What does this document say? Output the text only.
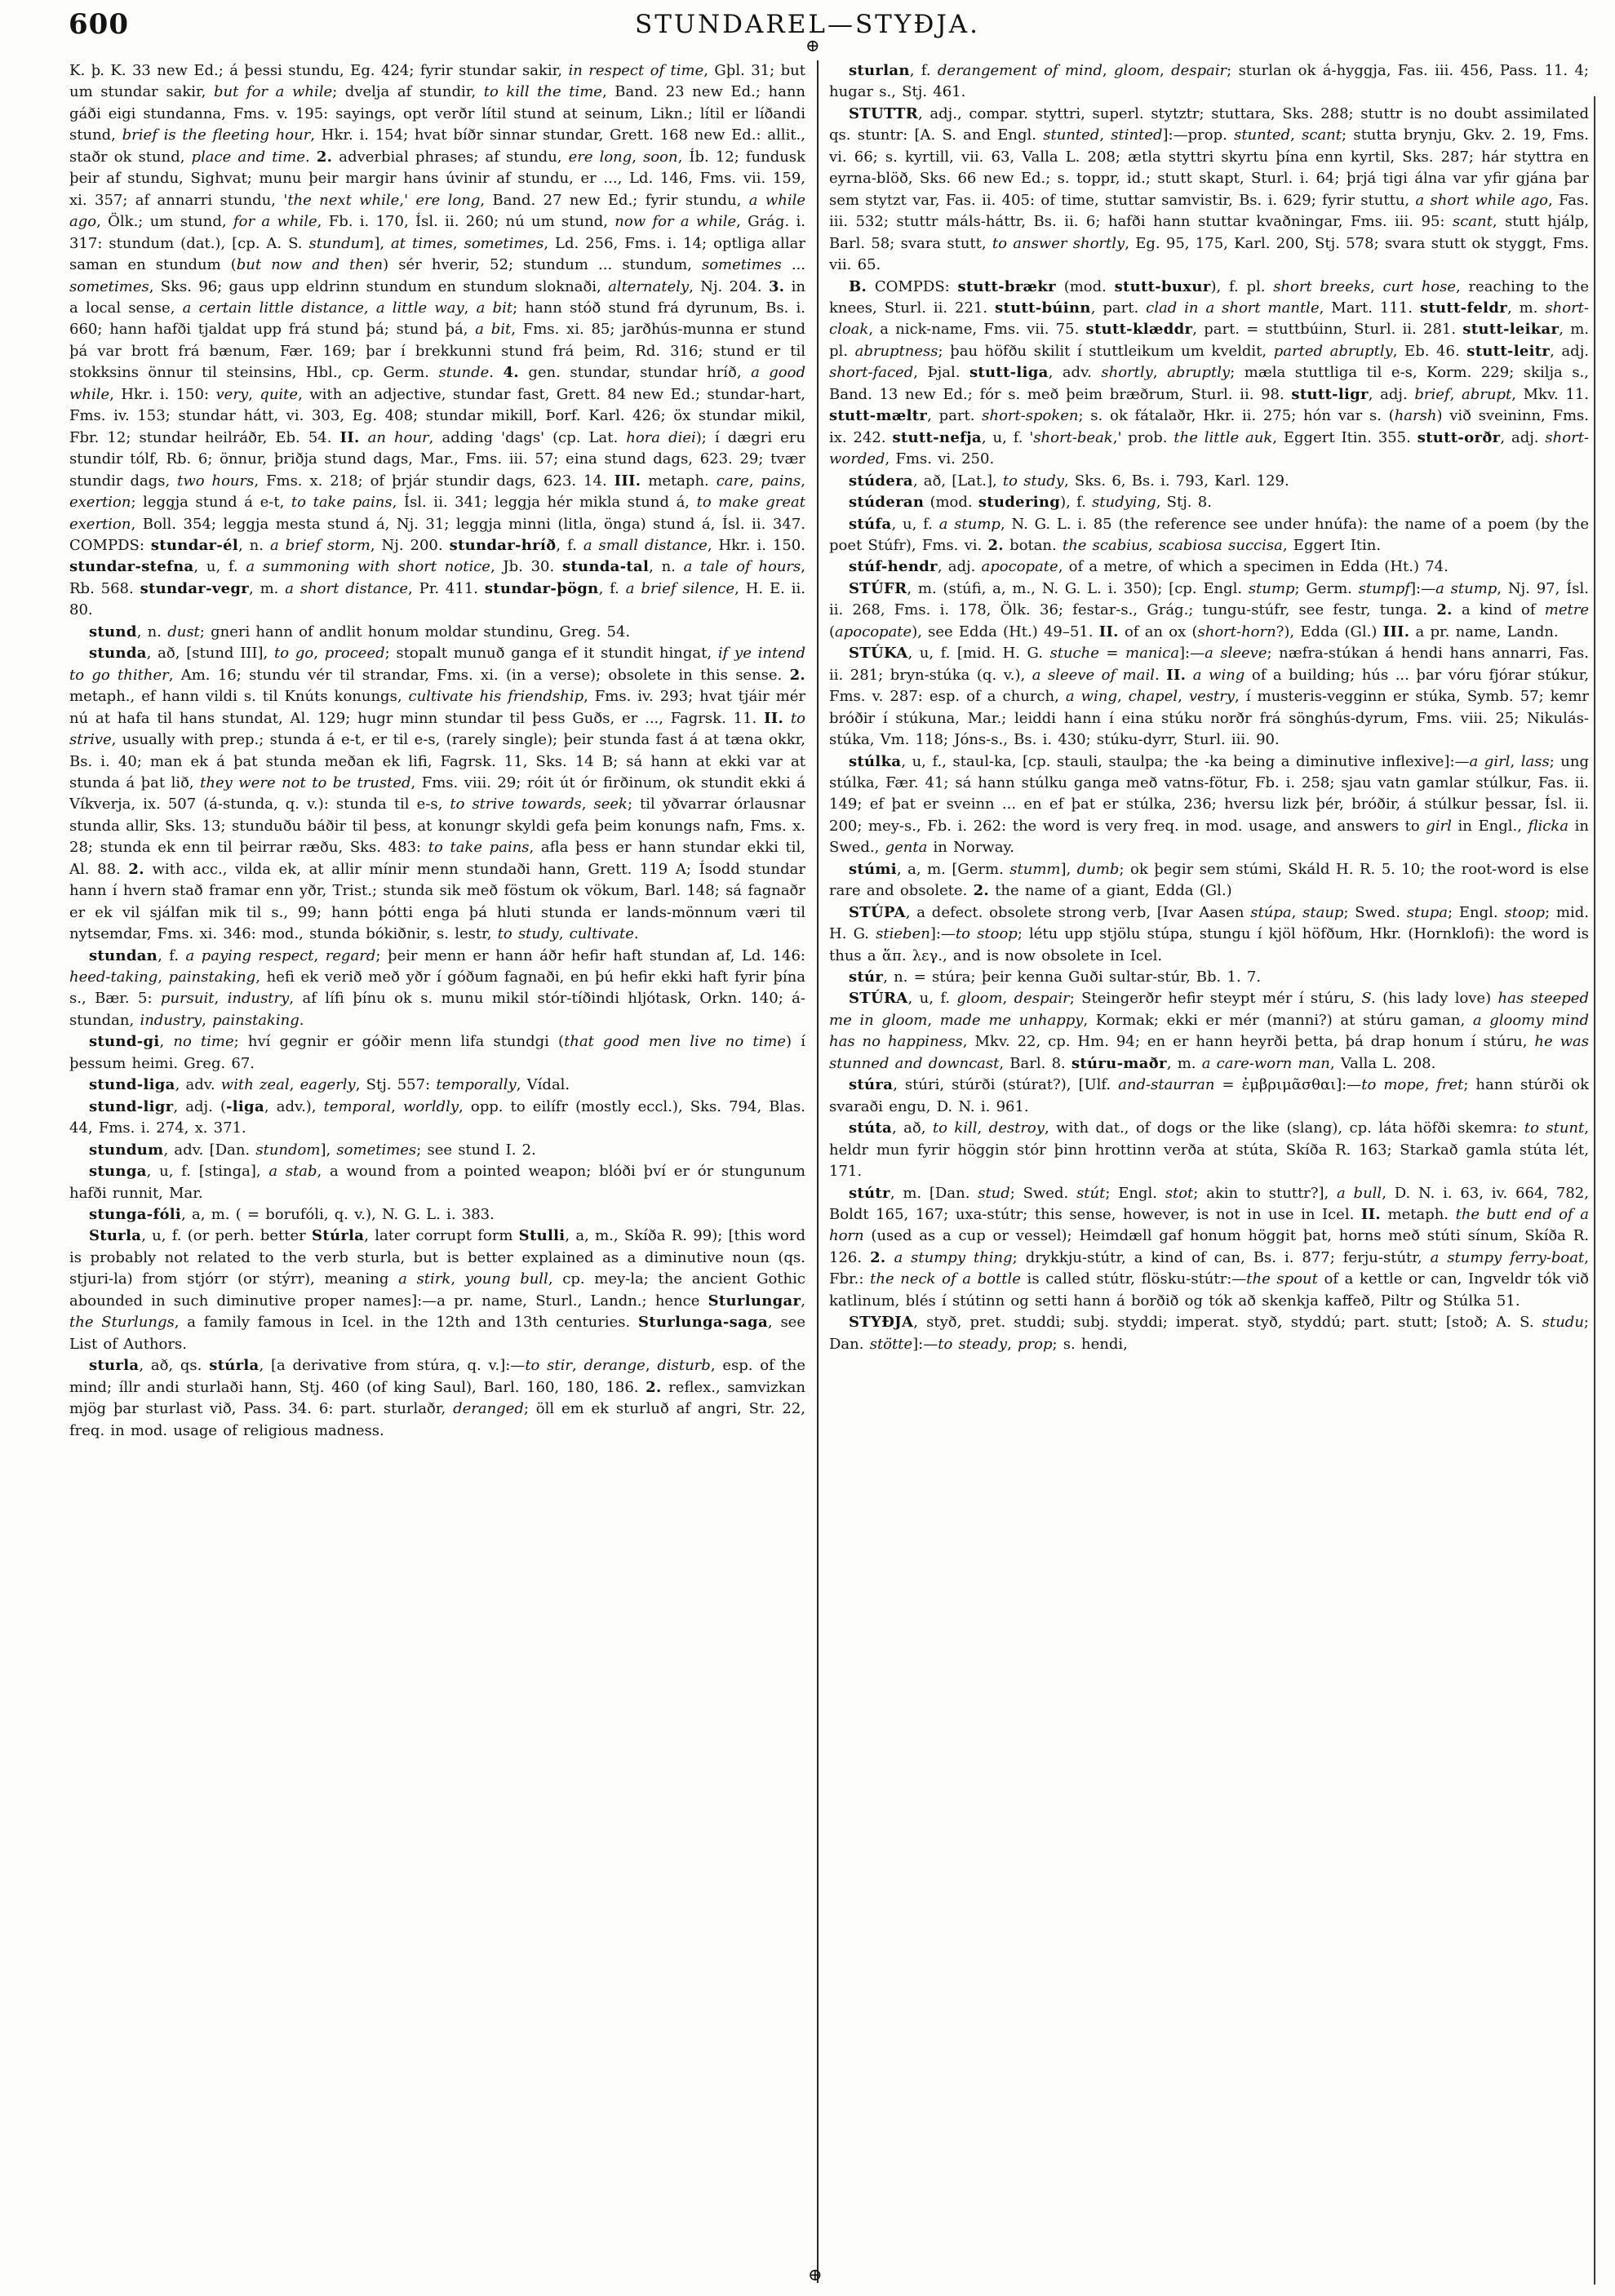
600	STUNDAREL—STYÐJA.
⊕

K. þ. K. 33 new Ed.; á þessi stundu, Eg. 424; fyrir stundar sakir, in respect of time, Gþl. 31; but um stundar sakir, but for a while; dvelja af stundir, to kill the time, Band. 23 new Ed.; hann gáði eigi stundanna, Fms. v. 195: sayings, opt verðr lítil stund at seinum, Likn.; lítil er líðandi stund, brief is the fleeting hour, Hkr. i. 154; hvat bíðr sinnar stundar, Grett. 168 new Ed.: allit., staðr ok stund, place and time. 2. adverbial phrases; af stundu, ere long, soon, Íb. 12; fundusk þeir af stundu, Sighvat; munu þeir margir hans úvinir af stundu, er ..., Ld. 146, Fms. vii. 159, xi. 357; af annarri stundu, 'the next while,' ere long, Band. 27 new Ed.; fyrir stundu, a while ago, Ölk.; um stund, for a while, Fb. i. 170, Ísl. ii. 260; nú um stund, now for a while, Grág. i. 317: stundum (dat.), [cp. A. S. stundum], at times, sometimes, Ld. 256, Fms. i. 14; optliga allar saman en stundum (but now and then) sér hverir, 52; stundum ... stundum, sometimes ... sometimes, Sks. 96; gaus upp eldrinn stundum en stundum sloknaði, alternately, Nj. 204. 3. in a local sense, a certain little distance, a little way, a bit; hann stóð stund frá dyrunum, Bs. i. 660; hann hafði tjaldat upp frá stund þá; stund þá, a bit, Fms. xi. 85; jarðhús-munna er stund þá var brott frá bænum, Fær. 169; þar í brekkunni stund frá þeim, Rd. 316; stund er til stokksins önnur til steinsins, Hbl., cp. Germ. stunde. 4. gen. stundar, stundar hríð, a good while, Hkr. i. 150: very, quite, with an adjective, stundar fast, Grett. 84 new Ed.; stundar-hart, Fms. iv. 153; stundar hátt, vi. 303, Eg. 408; stundar mikill, Þorf. Karl. 426; öx stundar mikil, Fbr. 12; stundar heilráðr, Eb. 54. II. an hour, adding 'dags' (cp. Lat. hora diei); í dægri eru stundir tólf, Rb. 6; önnur, þriðja stund dags, Mar., Fms. iii. 57; eina stund dags, 623. 29; tvær stundir dags, two hours, Fms. x. 218; of þrjár stundir dags, 623. 14. III. metaph. care, pains, exertion; leggja stund á e-t, to take pains, Ísl. ii. 341; leggja hér mikla stund á, to make great exertion, Boll. 354; leggja mesta stund á, Nj. 31; leggja minni (litla, önga) stund á, Ísl. ii. 347. COMPDS: stundar-él, n. a brief storm, Nj. 200. stundar-hríð, f. a small distance, Hkr. i. 150. stundar-stefna, u, f. a summoning with short notice, Jb. 30. stunda-tal, n. a tale of hours, Rb. 568. stundar-vegr, m. a short distance, Pr. 411. stundar-þögn, f. a brief silence, H. E. ii. 80.

stund, n. dust; gneri hann of andlit honum moldar stundinu, Greg. 54.

stunda, að, [stund III], to go, proceed; stopalt munuð ganga ef it stundit hingat, if ye intend to go thither, Am. 16; stundu vér til strandar, Fms. xi. (in a verse); obsolete in this sense. 2. metaph., ef hann vildi s. til Knúts konungs, cultivate his friendship, Fms. iv. 293; hvat tjáir mér nú at hafa til hans stundat, Al. 129; hugr minn stundar til þess Guðs, er ..., Fagrsk. 11. II. to strive, usually with prep.; stunda á e-t, er til e-s, (rarely single); þeir stunda fast á at tæna okkr, Bs. i. 40; man ek á þat stunda meðan ek lifi, Fagrsk. 11, Sks. 14 B; sá hann at ekki var at stunda á þat lið, they were not to be trusted, Fms. viii. 29; róit út ór firðinum, ok stundit ekki á Víkverja, ix. 507 (á-stunda, q. v.): stunda til e-s, to strive towards, seek; til yðvarrar órlausnar stunda allir, Sks. 13; stunduðu báðir til þess, at konungr skyldi gefa þeim konungs nafn, Fms. x. 28; stunda ek enn til þeirrar ræðu, Sks. 483: to take pains, afla þess er hann stundar ekki til, Al. 88. 2. with acc., vilda ek, at allir mínir menn stundaði hann, Grett. 119 A; Ísodd stundar hann í hvern stað framar enn yðr, Trist.; stunda sik með föstum ok vökum, Barl. 148; sá fagnaðr er ek vil sjálfan mik til s., 99; hann þótti enga þá hluti stunda er lands-mönnum væri til nytsemdar, Fms. xi. 346: mod., stunda bókiðnir, s. lestr, to study, cultivate.

stundan, f. a paying respect, regard; þeir menn er hann áðr hefir haft stundan af, Ld. 146: heed-taking, painstaking, hefi ek verið með yðr í góðum fagnaði, en þú hefir ekki haft fyrir þína s., Bær. 5: pursuit, industry, af lífi þínu ok s. munu mikil stór-tíðindi hljótask, Orkn. 140; á-stundan, industry, painstaking.

stund-gi, no time; hví gegnir er góðir menn lifa stundgi (that good men live no time) í þessum heimi. Greg. 67.

stund-liga, adv. with zeal, eagerly, Stj. 557: temporally, Vídal.

stund-ligr, adj. (-liga, adv.), temporal, worldly, opp. to eilífr (mostly eccl.), Sks. 794, Blas. 44, Fms. i. 274, x. 371.

stundum, adv. [Dan. stundom], sometimes; see stund I. 2.

stunga, u, f. [stinga], a stab, a wound from a pointed weapon; blóði því er ór stungunum hafði runnit, Mar.

stunga-fóli, a, m. ( = borufóli, q. v.), N. G. L. i. 383.

Sturla, u, f. (or perh. better Stúrla, later corrupt form Stulli, a, m., Skíða R. 99); [this word is probably not related to the verb sturla, but is better explained as a diminutive noun (qs. stjuri-la) from stjórr (or stýrr), meaning a stirk, young bull, cp. mey-la; the ancient Gothic abounded in such diminutive proper names]:—a pr. name, Sturl., Landn.; hence Sturlungar, the Sturlungs, a family famous in Icel. in the 12th and 13th centuries. Sturlunga-saga, see List of Authors.

sturla, að, qs. stúrla, [a derivative from stúra, q. v.]:—to stir, derange, disturb, esp. of the mind; íllr andi sturlaði hann, Stj. 460 (of king Saul), Barl. 160, 180, 186. 2. reflex., samvizkan mjög þar sturlast við, Pass. 34. 6: part. sturlaðr, deranged; öll em ek sturluð af angri, Str. 22, freq. in mod. usage of religious madness.

sturlan, f. derangement of mind, gloom, despair; sturlan ok á-hyggja, Fas. iii. 456, Pass. 11. 4; hugar s., Stj. 461.

STUTTR, adj., compar. styttri, superl. stytztr; stuttara, Sks. 288; stuttr is no doubt assimilated qs. stuntr: [A. S. and Engl. stunted, stinted]:—prop. stunted, scant; stutta brynju, Gkv. 2. 19, Fms. vi. 66; s. kyrtill, vii. 63, Valla L. 208; ætla styttri skyrtu þína enn kyrtil, Sks. 287; hár styttra en eyrna-blöð, Sks. 66 new Ed.; s. toppr, id.; stutt skapt, Sturl. i. 64; þrjá tigi álna var yfir gjána þar sem stytzt var, Fas. ii. 405: of time, stuttar samvistir, Bs. i. 629; fyrir stuttu, a short while ago, Fas. iii. 532; stuttr máls-háttr, Bs. ii. 6; hafði hann stuttar kvaðningar, Fms. iii. 95: scant, stutt hjálp, Barl. 58; svara stutt, to answer shortly, Eg. 95, 175, Karl. 200, Stj. 578; svara stutt ok styggt, Fms. vii. 65.

B. COMPDS: stutt-brækr (mod. stutt-buxur), f. pl. short breeks, curt hose, reaching to the knees, Sturl. ii. 221. stutt-búinn, part. clad in a short mantle, Mart. 111. stutt-feldr, m. short-cloak, a nick-name, Fms. vii. 75. stutt-klæddr, part. = stuttbúinn, Sturl. ii. 281. stutt-leikar, m. pl. abruptness; þau höfðu skilit í stuttleikum um kveldit, parted abruptly, Eb. 46. stutt-leitr, adj. short-faced, Þjal. stutt-liga, adv. shortly, abruptly; mæla stuttliga til e-s, Korm. 229; skilja s., Band. 13 new Ed.; fór s. með þeim bræðrum, Sturl. ii. 98. stutt-ligr, adj. brief, abrupt, Mkv. 11. stutt-mæltr, part. short-spoken; s. ok fátalaðr, Hkr. ii. 275; hón var s. (harsh) við sveininn, Fms. ix. 242. stutt-nefja, u, f. 'short-beak,' prob. the little auk, Eggert Itin. 355. stutt-orðr, adj. short-worded, Fms. vi. 250.

stúdera, að, [Lat.], to study, Sks. 6, Bs. i. 793, Karl. 129.

stúderan (mod. studering), f. studying, Stj. 8.

stúfa, u, f. a stump, N. G. L. i. 85 (the reference see under hnúfa): the name of a poem (by the poet Stúfr), Fms. vi. 2. botan. the scabius, scabiosa succisa, Eggert Itin.

stúf-hendr, adj. apocopate, of a metre, of which a specimen in Edda (Ht.) 74.

STÚFR, m. (stúfi, a, m., N. G. L. i. 350); [cp. Engl. stump; Germ. stumpf]:—a stump, Nj. 97, Ísl. ii. 268, Fms. i. 178, Ölk. 36; festar-s., Grág.; tungu-stúfr, see festr, tunga. 2. a kind of metre (apocopate), see Edda (Ht.) 49–51. II. of an ox (short-horn?), Edda (Gl.) III. a pr. name, Landn.

STÚKA, u, f. [mid. H. G. stuche = manica]:—a sleeve; næfra-stúkan á hendi hans annarri, Fas. ii. 281; bryn-stúka (q. v.), a sleeve of mail. II. a wing of a building; hús ... þar vóru fjórar stúkur, Fms. v. 287: esp. of a church, a wing, chapel, vestry, í musteris-vegginn er stúka, Symb. 57; kemr bróðir í stúkuna, Mar.; leiddi hann í eina stúku norðr frá sönghús-dyrum, Fms. viii. 25; Nikulás-stúka, Vm. 118; Jóns-s., Bs. i. 430; stúku-dyrr, Sturl. iii. 90.

stúlka, u, f., staul-ka, [cp. stauli, staulpa; the -ka being a diminutive inflexive]:—a girl, lass; ung stúlka, Fær. 41; sá hann stúlku ganga með vatns-fötur, Fb. i. 258; sjau vatn gamlar stúlkur, Fas. ii. 149; ef þat er sveinn ... en ef þat er stúlka, 236; hversu lizk þér, bróðir, á stúlkur þessar, Ísl. ii. 200; mey-s., Fb. i. 262: the word is very freq. in mod. usage, and answers to girl in Engl., flicka in Swed., genta in Norway.

stúmi, a, m. [Germ. stumm], dumb; ok þegir sem stúmi, Skáld H. R. 5. 10; the root-word is else rare and obsolete. 2. the name of a giant, Edda (Gl.)

STÚPA, a defect. obsolete strong verb, [Ivar Aasen stúpa, staup; Swed. stupa; Engl. stoop; mid. H. G. stieben]:—to stoop; létu upp stjölu stúpa, stungu í kjöl höfðum, Hkr. (Hornklofi): the word is thus a ἅπ. λεγ., and is now obsolete in Icel.

stúr, n. = stúra; þeir kenna Guði sultar-stúr, Bb. 1. 7.

STÚRA, u, f. gloom, despair; Steingerðr hefir steypt mér í stúru, S. (his lady love) has steeped me in gloom, made me unhappy, Kormak; ekki er mér (manni?) at stúru gaman, a gloomy mind has no happiness, Mkv. 22, cp. Hm. 94; en er hann heyrði þetta, þá drap honum í stúru, he was stunned and downcast, Barl. 8. stúru-maðr, m. a care-worn man, Valla L. 208.

stúra, stúri, stúrði (stúrat?), [Ulf. and-staurran = ἐμβριμᾶσθαι]:—to mope, fret; hann stúrði ok svaraði engu, D. N. i. 961.

stúta, að, to kill, destroy, with dat., of dogs or the like (slang), cp. láta höfði skemra: to stunt, heldr mun fyrir höggin stór þinn hrottinn verða at stúta, Skíða R. 163; Starkað gamla stúta lét, 171.

stútr, m. [Dan. stud; Swed. stút; Engl. stot; akin to stuttr?], a bull, D. N. i. 63, iv. 664, 782, Boldt 165, 167; uxa-stútr; this sense, however, is not in use in Icel. II. metaph. the butt end of a horn (used as a cup or vessel); Heimdæll gaf honum höggit þat, horns með stúti sínum, Skíða R. 126. 2. a stumpy thing; drykkju-stútr, a kind of can, Bs. i. 877; ferju-stútr, a stumpy ferry-boat, Fbr.: the neck of a bottle is called stútr, flösku-stútr:—the spout of a kettle or can, Ingveldr tók við katlinum, blés í stútinn og setti hann á borðið og tók að skenkja kaffeð, Piltr og Stúlka 51.

STYÐJA, styð, pret. studdi; subj. styddi; imperat. styð, styddú; part. stutt; [stoð; A. S. studu; Dan. stötte]:—to steady, prop; s. hendi,

⊕
